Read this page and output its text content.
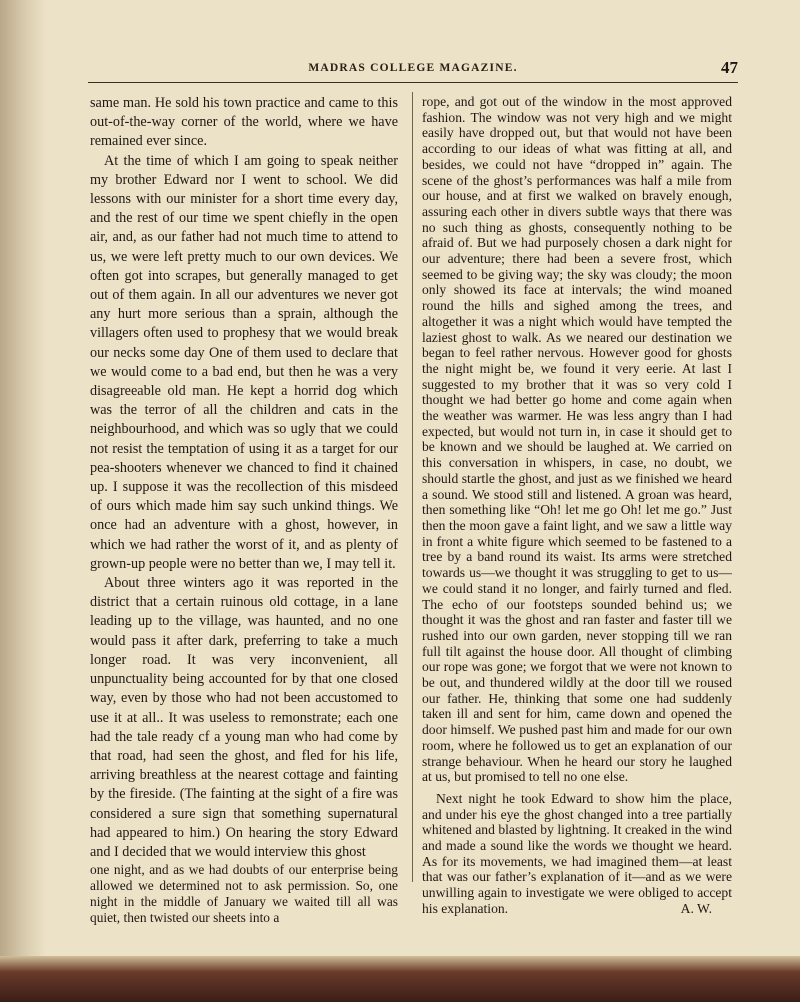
MADRAS COLLEGE MAGAZINE.	47

same man. He sold his town practice and came to this out-of-the-way corner of the world, where we have remained ever since.

At the time of which I am going to speak neither my brother Edward nor I went to school. We did lessons with our minister for a short time every day, and the rest of our time we spent chiefly in the open air, and, as our father had not much time to attend to us, we were left pretty much to our own devices. We often got into scrapes, but generally managed to get out of them again. In all our adventures we never got any hurt more serious than a sprain, although the villagers often used to prophesy that we would break our necks some day One of them used to declare that we would come to a bad end, but then he was a very disagreeable old man. He kept a horrid dog which was the terror of all the children and cats in the neighbourhood, and which was so ugly that we could not resist the temptation of using it as a target for our pea-shooters whenever we chanced to find it chained up. I suppose it was the recollection of this misdeed of ours which made him say such unkind things. We once had an adventure with a ghost, however, in which we had rather the worst of it, and as plenty of grown-up people were no better than we, I may tell it.

About three winters ago it was reported in the district that a certain ruinous old cottage, in a lane leading up to the village, was haunted, and no one would pass it after dark, preferring to take a much longer road. It was very inconvenient, all unpunctuality being accounted for by that one closed way, even by those who had not been accustomed to use it at all.. It was useless to remonstrate; each one had the tale ready cf a young man who had come by that road, had seen the ghost, and fled for his life, arriving breathless at the nearest cottage and fainting by the fireside. (The fainting at the sight of a fire was considered a sure sign that something supernatural had appeared to him.) On hearing the story Edward and I decided that we would interview this ghost

one night, and as we had doubts of our enterprise being allowed we determined not to ask permission. So, one night in the middle of January we waited till all was quiet, then twisted our sheets into a

rope, and got out of the window in the most approved fashion. The window was not very high and we might easily have dropped out, but that would not have been according to our ideas of what was fitting at all, and besides, we could not have “dropped in” again. The scene of the ghost’s performances was half a mile from our house, and at first we walked on bravely enough, assuring each other in divers subtle ways that there was no such thing as ghosts, consequently nothing to be afraid of. But we had purposely chosen a dark night for our adventure; there had been a severe frost, which seemed to be giving way; the sky was cloudy; the moon only showed its face at intervals; the wind moaned round the hills and sighed among the trees, and altogether it was a night which would have tempted the laziest ghost to walk. As we neared our destination we began to feel rather nervous. However good for ghosts the night might be, we found it very eerie. At last I suggested to my brother that it was so very cold I thought we had better go home and come again when the weather was warmer. He was less angry than I had expected, but would not turn in, in case it should get to be known and we should be laughed at. We carried on this conversation in whispers, in case, no doubt, we should startle the ghost, and just as we finished we heard a sound. We stood still and listened. A groan was heard, then something like “Oh! let me go Oh! let me go.” Just then the moon gave a faint light, and we saw a little way in front a white figure which seemed to be fastened to a tree by a band round its waist. Its arms were stretched towards us—we thought it was struggling to get to us—we could stand it no longer, and fairly turned and fled. The echo of our footsteps sounded behind us; we thought it was the ghost and ran faster and faster till we rushed into our own garden, never stopping till we ran full tilt against the house door. All thought of climbing our rope was gone; we forgot that we were not known to be out, and thundered wildly at the door till we roused our father. He, thinking that some one had suddenly taken ill and sent for him, came down and opened the door himself. We pushed past him and made for our own room, where he followed us to get an explanation of our strange behaviour. When he heard our story he laughed at us, but promised to tell no one else.

Next night he took Edward to show him the place, and under his eye the ghost changed into a tree partially whitened and blasted by lightning. It creaked in the wind and made a sound like the words we thought we heard. As for its movements, we had imagined them—at least that was our father’s explanation of it—and as we were unwilling again to investigate we were obliged to accept his explanation.	A. W.
